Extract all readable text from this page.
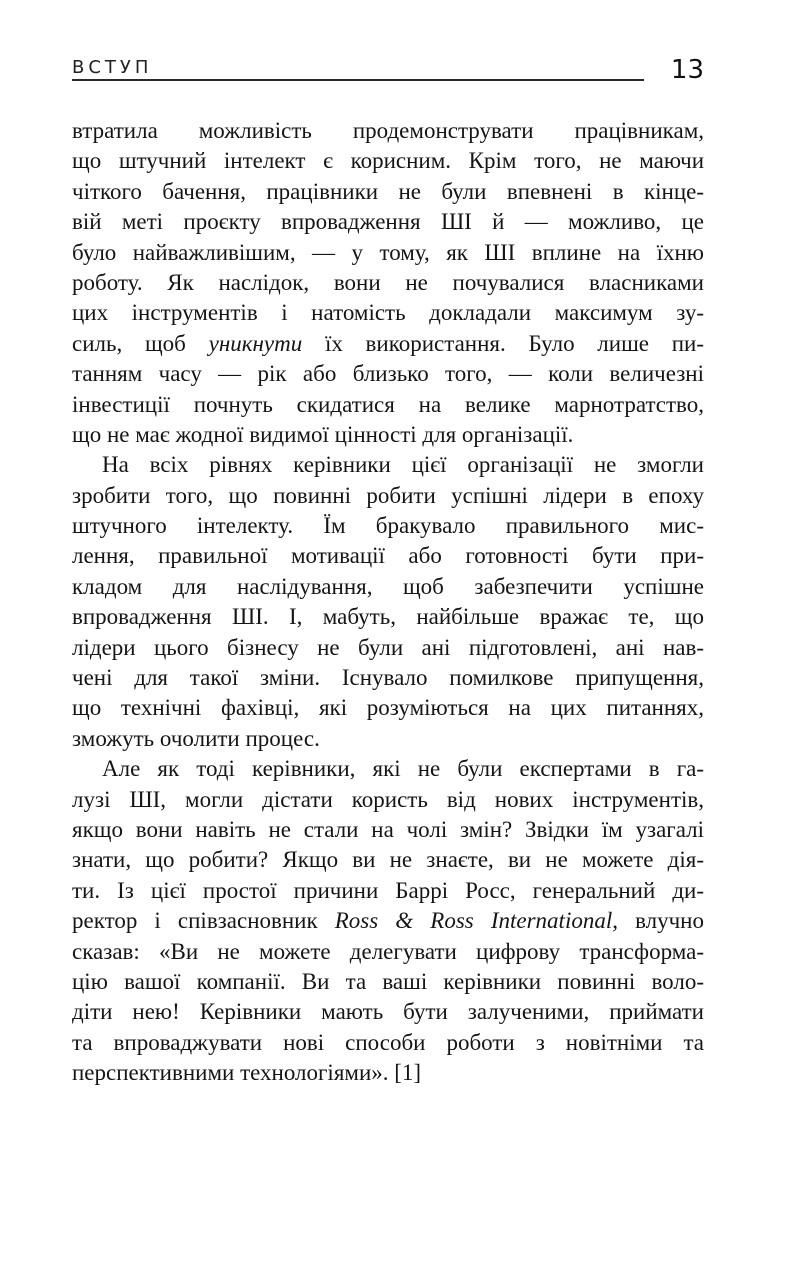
ВСТУП	13
втратила можливість продемонструвати працівникам,
що штучний інтелект є корисним. Крім того, не маючи
чіткого бачення, працівники не були впевнені в кінце-
вій меті проєкту впровадження ШІ й — можливо, це
було найважливішим, — у тому, як ШІ вплине на їхню
роботу. Як наслідок, вони не почувалися власниками
цих інструментів і натомість докладали максимум зу-
силь, щоб уникнути їх використання. Було лише пи-
танням часу — рік або близько того, — коли величезні
інвестиції почнуть скидатися на велике марнотратство,
що не має жодної видимої цінності для організації.
На всіх рівнях керівники цієї організації не змогли
зробити того, що повинні робити успішні лідери в епоху
штучного інтелекту. Їм бракувало правильного мис-
лення, правильної мотивації або готовності бути при-
кладом для наслідування, щоб забезпечити успішне
впровадження ШІ. І, мабуть, найбільше вражає те, що
лідери цього бізнесу не були ані підготовлені, ані нав-
чені для такої зміни. Існувало помилкове припущення,
що технічні фахівці, які розуміються на цих питаннях,
зможуть очолити процес.
Але як тоді керівники, які не були експертами в га-
лузі ШІ, могли дістати користь від нових інструментів,
якщо вони навіть не стали на чолі змін? Звідки їм узагалі
знати, що робити? Якщо ви не знаєте, ви не можете дія-
ти. Із цієї простої причини Баррі Росс, генеральний ди-
ректор і співзасновник Ross & Ross International, влучно
сказав: «Ви не можете делегувати цифрову трансформа-
цію вашої компанії. Ви та ваші керівники повинні воло-
діти нею! Керівники мають бути залученими, приймати
та впроваджувати нові способи роботи з новітніми та
перспективними технологіями». [1]
